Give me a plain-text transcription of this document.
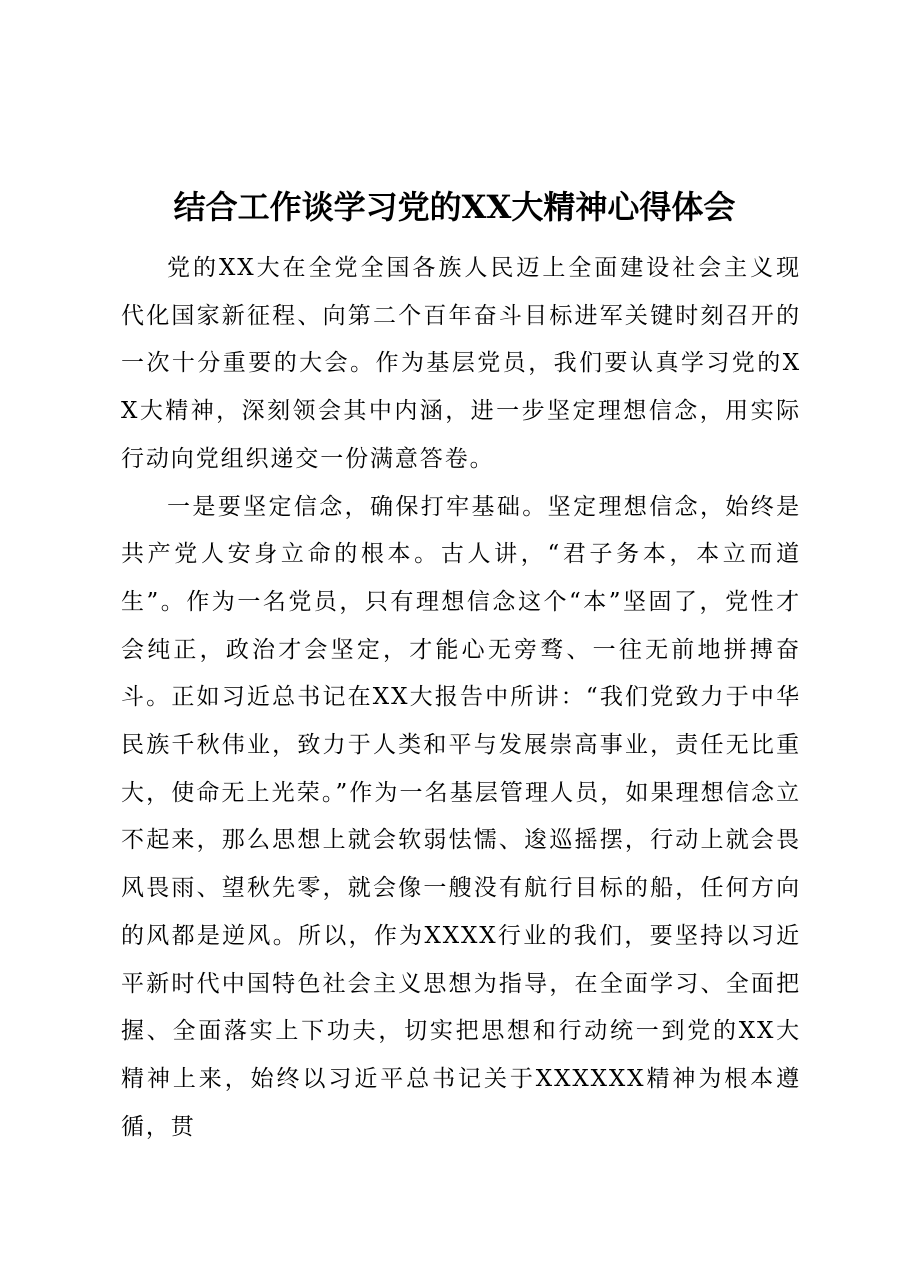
结合工作谈学习党的XX大精神心得体会

党的XX大在全党全国各族人民迈上全面建设社会主义现代化国家新征程、向第二个百年奋斗目标进军关键时刻召开的一次十分重要的大会。作为基层党员，我们要认真学习党的XX大精神，深刻领会其中内涵，进一步坚定理想信念，用实际行动向党组织递交一份满意答卷。

一是要坚定信念，确保打牢基础。坚定理想信念，始终是共产党人安身立命的根本。古人讲，“君子务本，本立而道生”。作为一名党员，只有理想信念这个“本”坚固了，党性才会纯正，政治才会坚定，才能心无旁骛、一往无前地拼搏奋斗。正如习近总书记在XX大报告中所讲：“我们党致力于中华民族千秋伟业，致力于人类和平与发展崇高事业，责任无比重大，使命无上光荣。”作为一名基层管理人员，如果理想信念立不起来，那么思想上就会软弱怯懦、逡巡摇摆，行动上就会畏风畏雨、望秋先零，就会像一艘没有航行目标的船，任何方向的风都是逆风。所以，作为XXXX行业的我们，要坚持以习近平新时代中国特色社会主义思想为指导，在全面学习、全面把握、全面落实上下功夫，切实把思想和行动统一到党的XX大精神上来，始终以习近平总书记关于XXXXXX精神为根本遵循，贯
